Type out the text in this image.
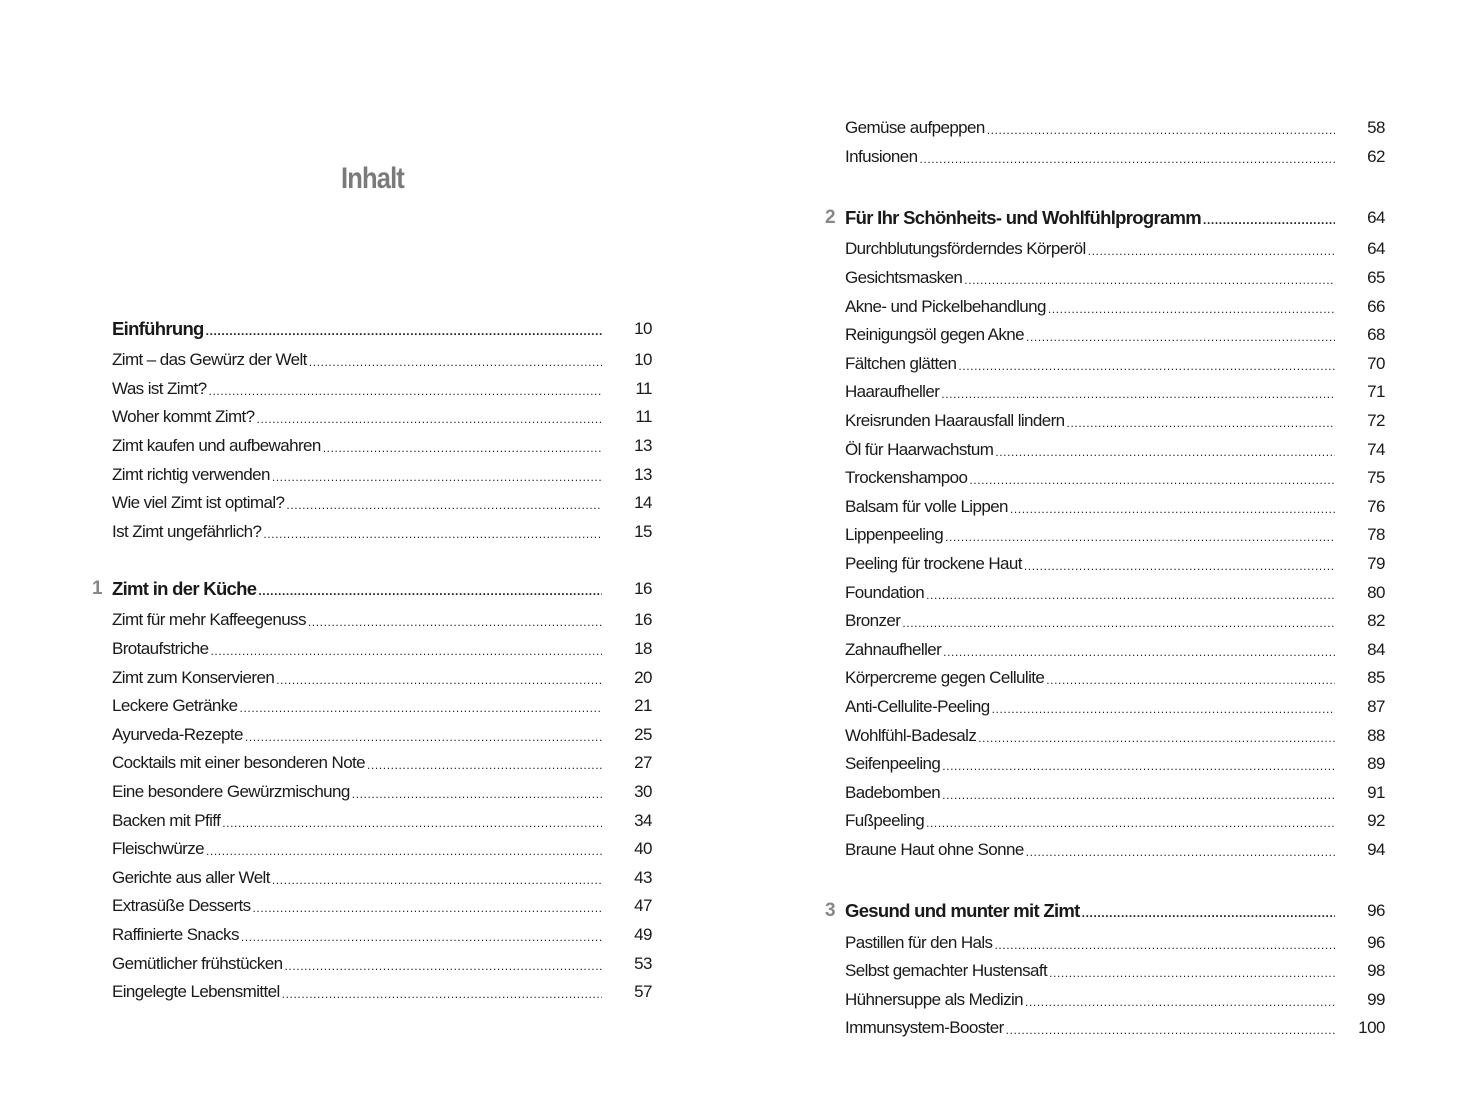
Inhalt
Einführung .....	10
Zimt – das Gewürz der Welt .....	10
Was ist Zimt? .....	11
Woher kommt Zimt? .....	11
Zimt kaufen und aufbewahren .....	13
Zimt richtig verwenden .....	13
Wie viel Zimt ist optimal? .....	14
Ist Zimt ungefährlich? .....	15
1 Zimt in der Küche .....	16
Zimt für mehr Kaffeegenuss .....	16
Brotaufstriche .....	18
Zimt zum Konservieren .....	20
Leckere Getränke .....	21
Ayurveda-Rezepte .....	25
Cocktails mit einer besonderen Note .....	27
Eine besondere Gewürzmischung .....	30
Backen mit Pfiff .....	34
Fleischwürze .....	40
Gerichte aus aller Welt .....	43
Extrasüße Desserts .....	47
Raffinierte Snacks .....	49
Gemütlicher frühstücken .....	53
Eingelegte Lebensmittel .....	57
Gemüse aufpeppen .....	58
Infusionen .....	62
2 Für Ihr Schönheits- und Wohlfühlprogramm .....	64
Durchblutungsförderndes Körperöl .....	64
Gesichtsmasken .....	65
Akne- und Pickelbehandlung .....	66
Reinigungsöl gegen Akne .....	68
Fältchen glätten .....	70
Haaraufheller .....	71
Kreisrunden Haarausfall lindern .....	72
Öl für Haarwachstum .....	74
Trockenshampoo .....	75
Balsam für volle Lippen .....	76
Lippenpeeling .....	78
Peeling für trockene Haut .....	79
Foundation .....	80
Bronzer .....	82
Zahnaufheller .....	84
Körpercreme gegen Cellulite .....	85
Anti-Cellulite-Peeling .....	87
Wohlfühl-Badesalz .....	88
Seifenpeeling .....	89
Badebomben .....	91
Fußpeeling .....	92
Braune Haut ohne Sonne .....	94
3 Gesund und munter mit Zimt .....	96
Pastillen für den Hals .....	96
Selbst gemachter Hustensaft .....	98
Hühnersuppe als Medizin .....	99
Immunsystem-Booster .....	100
